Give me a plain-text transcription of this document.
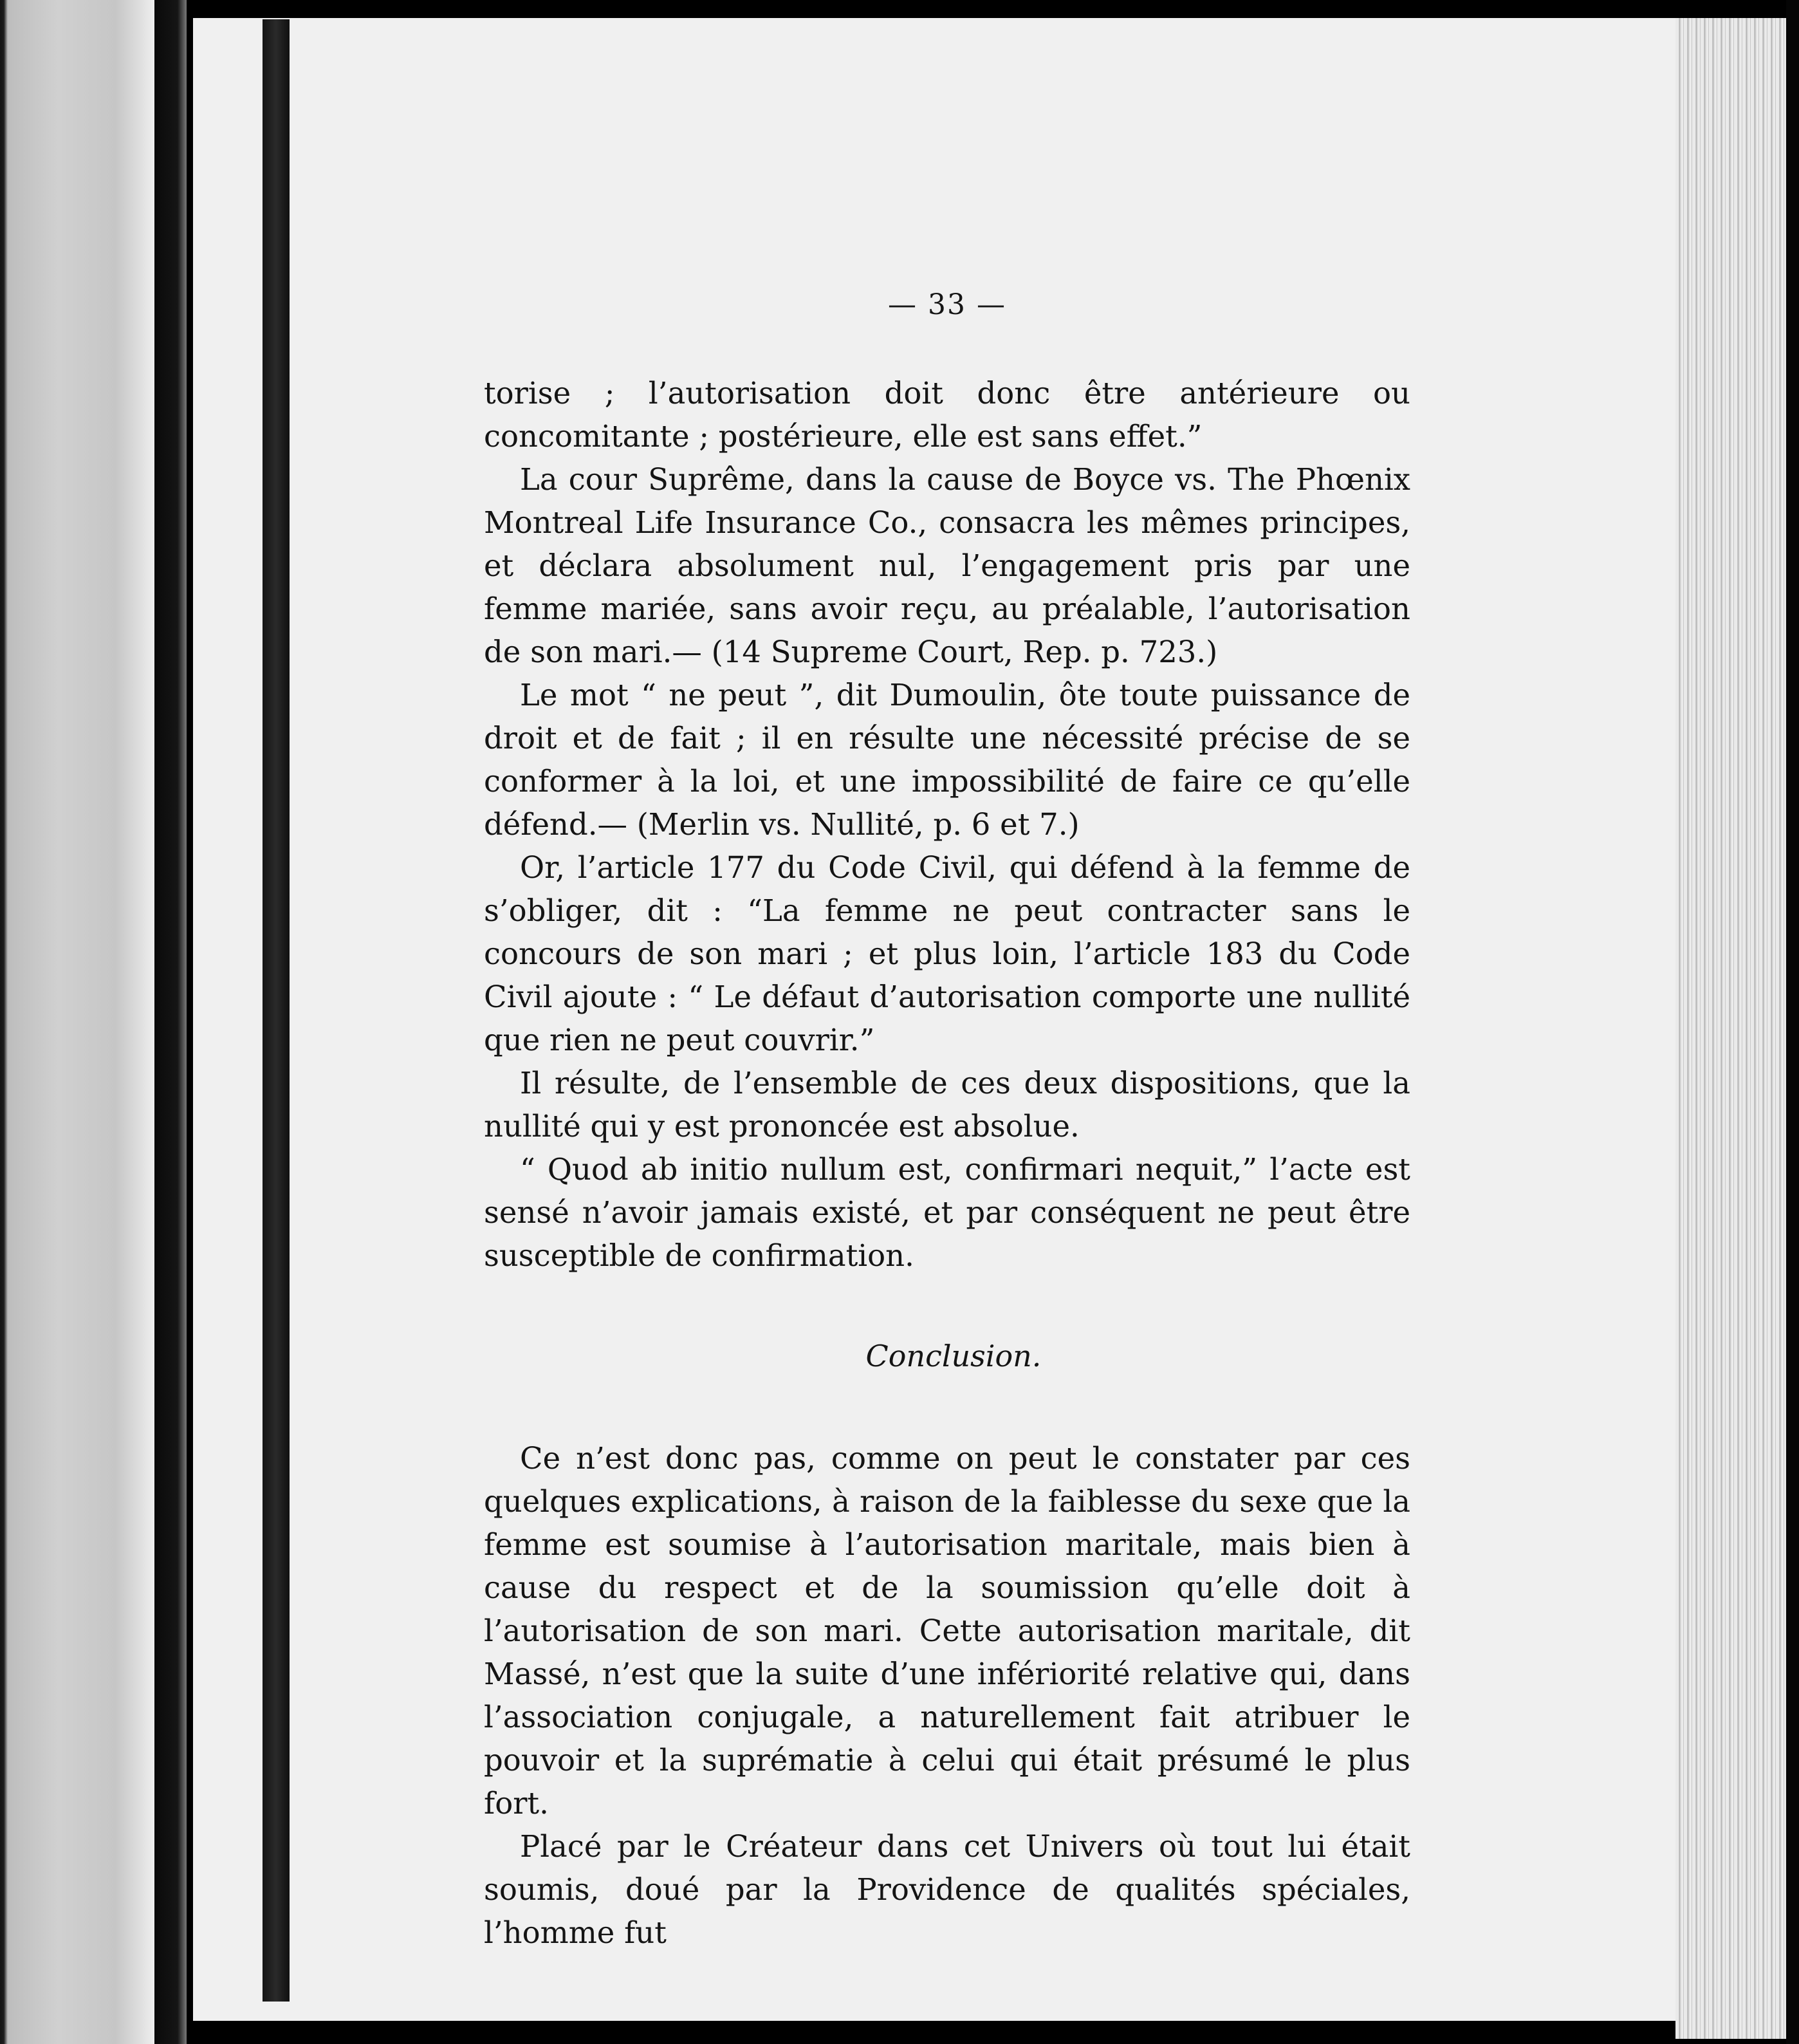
— 33 —

torise ; l’autorisation doit donc être antérieure ou concomitante ; postérieure, elle est sans effet.”

La cour Suprême, dans la cause de Boyce vs. The Phœnix Montreal Life Insurance Co., consacra les mêmes principes, et déclara absolument nul, l’engagement pris par une femme mariée, sans avoir reçu, au préalable, l’autorisation de son mari.— (14 Supreme Court, Rep. p. 723.)

Le mot “ ne peut ”, dit Dumoulin, ôte toute puissance de droit et de fait ; il en résulte une nécessité précise de se conformer à la loi, et une impossibilité de faire ce qu’elle défend.— (Merlin vs. Nullité, p. 6 et 7.)

Or, l’article 177 du Code Civil, qui défend à la femme de s’obliger, dit : “La femme ne peut contracter sans le concours de son mari ; et plus loin, l’article 183 du Code Civil ajoute : “ Le défaut d’autorisation comporte une nullité que rien ne peut couvrir.”

Il résulte, de l’ensemble de ces deux dispositions, que la nullité qui y est prononcée est absolue.

“ Quod ab initio nullum est, confirmari nequit,” l’acte est sensé n’avoir jamais existé, et par conséquent ne peut être susceptible de confirmation.

Conclusion.

Ce n’est donc pas, comme on peut le constater par ces quelques explications, à raison de la faiblesse du sexe que la femme est soumise à l’autorisation maritale, mais bien à cause du respect et de la soumission qu’elle doit à l’autorisation de son mari. Cette autorisation maritale, dit Massé, n’est que la suite d’une infériorité relative qui, dans l’association conjugale, a naturellement fait atribuer le pouvoir et la suprématie à celui qui était présumé le plus fort.

Placé par le Créateur dans cet Univers où tout lui était soumis, doué par la Providence de qualités spéciales, l’homme fut
